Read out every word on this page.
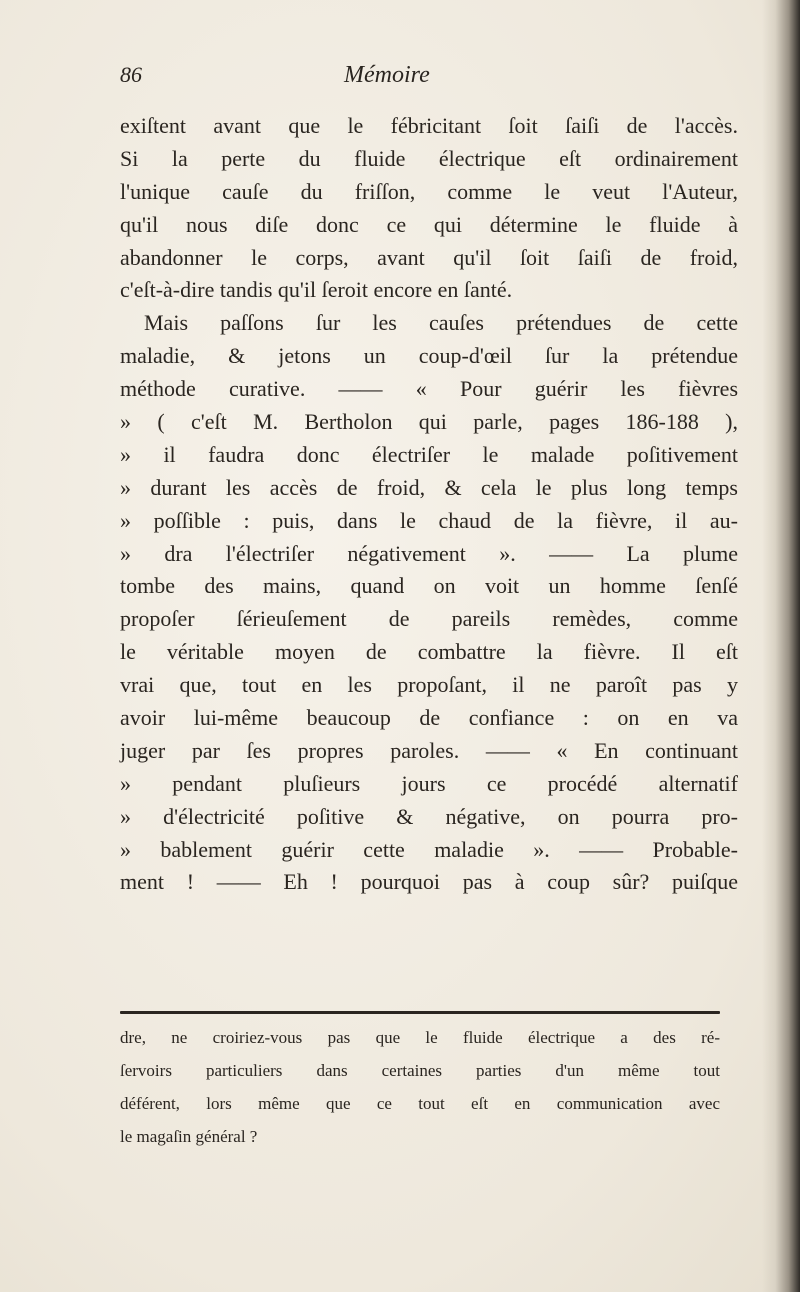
86	Mémoire
exiſtent avant que le fébricitant ſoit ſaiſi de l'accès.
Si la perte du fluide électrique eſt ordinairement
l'unique cauſe du friſſon, comme le veut l'Auteur,
qu'il nous diſe donc ce qui détermine le fluide à
abandonner le corps, avant qu'il ſoit ſaiſi de froid,
c'eſt-à-dire tandis qu'il ſeroit encore en ſanté.
Mais paſſons ſur les cauſes prétendues de cette
maladie, & jetons un coup-d'œil ſur la prétendue
méthode curative. —— « Pour guérir les fièvres
» ( c'eſt M. Bertholon qui parle, pages 186-188 ),
» il faudra donc électriſer le malade poſitivement
» durant les accès de froid, & cela le plus long temps
» poſſible : puis, dans le chaud de la fièvre, il au-
» dra l'électriſer négativement ». —— La plume
tombe des mains, quand on voit un homme ſenſé
propoſer ſérieuſement de pareils remèdes, comme
le véritable moyen de combattre la fièvre. Il eſt
vrai que, tout en les propoſant, il ne paroît pas y
avoir lui-même beaucoup de confiance : on en va
juger par ſes propres paroles. —— « En continuant
» pendant pluſieurs jours ce procédé alternatif
» d'électricité poſitive & négative, on pourra pro-
» bablement guérir cette maladie ». —— Probable-
ment ! —— Eh ! pourquoi pas à coup sûr? puiſque
dre, ne croiriez-vous pas que le fluide électrique a des ré-
ſervoirs particuliers dans certaines parties d'un même tout
déférent, lors même que ce tout eſt en communication avec
le magaſin général ?
